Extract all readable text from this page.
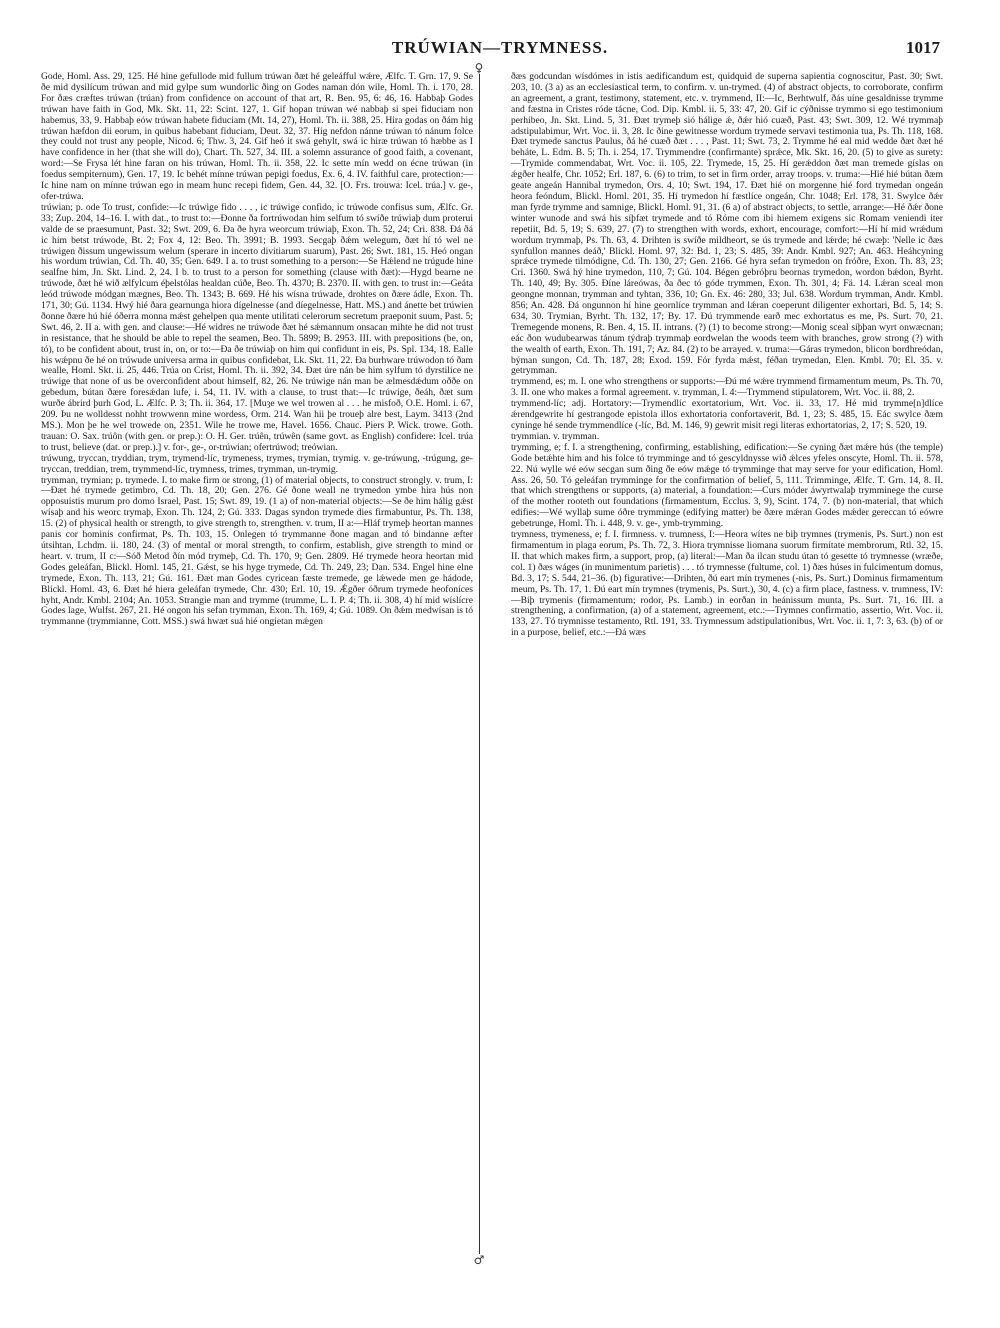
TRÚWIAN—TRYMNESS.	1017
♀
♂

Gode, Homl. Ass. 29, 125. Hé hine gefullode mid fullum trúwan ðæt hé geleáfful wǽre, Ælfc. T. Grn. 17, 9. Se ðe mid dysilícum trúwan and mid gylpe sum wundorlic ðing on Godes naman dón wile, Homl. Th. i. 170, 28. For ðæs cræftes trúwan (trúan) from confidence on account of that art, R. Ben. 95, 6: 46, 16. Habbaþ Godes trúwan have faith in God, Mk. Skt. 11, 22: Scint. 127, 1. Gif hopan trúwan wé nabbaþ si spei fiduciam non habemus, 33, 9. Habbaþ eów trúwan habete fiduciam (Mt. 14, 27), Homl. Th. ii. 388, 25. Hira godas on ðám hig trúwan hæfdon dii eorum, in quibus habebant fiduciam, Deut. 32, 37. Hig nefdon nánne trúwan tó nánum folce they could not trust any people, Nicod. 6; Thw. 3, 24. Gif heó it swá gehylt, swá ic hiræ trúwan tó hæbbe as I have confidence in her (that she will do), Chart. Th. 527, 34. III. a solemn assurance of good faith, a covenant, word:—Se Frysa lét hine faran on his trúwan, Homl. Th. ii. 358, 22. Ic sette mín wedd on écne trúwan (in foedus sempiternum), Gen. 17, 19. Ic behét mínne trúwan pepigi foedus, Ex. 6, 4. IV. faithful care, protection:—Ic hine nam on mínne trúwan ego in meam hunc recepi fidem, Gen. 44, 32. [O. Frs. trouwa: Icel. trúa.] v. ge-, ofer-trúwa.

trúwian; p. ode To trust, confide:—Ic trúwige fido . . . , ic trúwige confido, ic trúwode confisus sum, Ælfc. Gr. 33; Zup. 204, 14–16. I. with dat., to trust to:—Ðonne ða fortrúwodan him selfum tó swíðe trúwiaþ dum proterui valde de se praesumunt, Past. 32; Swt. 209, 6. Ða ðe hyra weorcum trúwiaþ, Exon. Th. 52, 24; Cri. 838. Ðá ðá ic him betst trúwode, Bt. 2; Fox 4, 12: Beo. Th. 3991; B. 1993. Secgaþ ðǽm welegum, ðæt hí tó wel ne trúwigen ðissum ungewissum welum (sperare in incerto divitiarum suarum), Past. 26; Swt. 181, 15. Heó ongan his wordum trúwian, Cd. Th. 40, 35; Gen. 649. I a. to trust something to a person:—Se Hǽlend ne trúgude hine sealfne him, Jn. Skt. Lind. 2, 24. I b. to trust to a person for something (clause with ðæt):—Hygd bearne ne trúwode, ðæt hé wið ælfylcum éþelstólas healdan cúðe, Beo. Th. 4370; B. 2370. II. with gen. to trust in:—Geáta leód trúwode módgan mægnes, Beo. Th. 1343; B. 669. Hé his wísna trúwade, drohtes on ðære ádle, Exon. Th. 171, 30; Gú. 1134. Hwý hié ðara gearnunga hiora dígelnesse (and díegelnesse, Hatt. MS.) and ánette bet trúwien ðonne ðære hú hié óðerra monna mǽst gehelpen qua mente utilitati celerorum secretum praeponit suum, Past. 5; Swt. 46, 2. II a. with gen. and clause:—Hé widres ne trúwode ðæt hé sǽmannum onsacan mihte he did not trust in resistance, that he should be able to repel the seamen, Beo. Th. 5899; B. 2953. III. with prepositions (be, on, tó), to be confident about, trust in, on, or to:—Ða ðe trúwiaþ on him qui confidunt in eis, Ps. Spl. 134, 18. Ealle his wǽpnu ðe hé on trúwude universa arma in quibus confidebat, Lk. Skt. 11, 22. Ða burhware trúwodon tó ðam wealle, Homl. Skt. ii. 25, 446. Trúa on Crist, Homl. Th. ii. 392, 34. Ðæt úre nán be him sylfum tó dyrstilíce ne trúwige that none of us be overconfident about himself, 82, 26. Ne trúwige nán man be ælmesdǽdum oððe on gebedum, bútan ðære foresǽdan lufe, i. 54, 11. IV. with a clause, to trust that:—Ic trúwige, ðeáh, ðæt sum wurðe ábrird þurh God, L. Ælfc. P. 3; Th. ii. 364, 17. [Muȝe we wel trowen al . . . he misfoð, O.E. Homl. i. 67, 209. Þu ne wolldesst nohht trowwenn mine wordess, Orm. 214. Wan hii þe trouеþ alre best, Laym. 3413 (2nd MS.). Mon þe he wel trowede on, 2351. Wile he trowe me, Havel. 1656. Chauc. Piers P. Wick. trowe. Goth. trauan: O. Sax. trúôn (with gen. or prep.): O. H. Ger. trúên, trúwên (same govt. as English) confidere: Icel. trúa to trust, believe (dat. or prep.).] v. for-, ge-, or-trúwian; ofertrúwod; treówian.

trúwung, tryccan, tryddian, trym, trymend-líc, trymeness, trymes, trymian, trymig. v. ge-trúwung, -trúgung, ge-tryccan, treddian, trem, trymmend-líc, trymness, trimes, trymman, un-trymig.

trymman, trymian; p. trymede. I. to make firm or strong, (1) of material objects, to construct strongly. v. trum, I:—Ðæt hé trymede getimbro, Cd. Th. 18, 20; Gen. 276. Gé ðone weall ne trymedon ymbe hira hús non opposuistis murum pro domo Israel, Past. 15; Swt. 89, 19. (1 a) of non-material objects:—Se ðe him hálig gǽst wísaþ and his weorc trymaþ, Exon. Th. 124, 2; Gú. 333. Dagas syndon trymede dies firmabuntur, Ps. Th. 138, 15. (2) of physical health or strength, to give strength to, strengthen. v. trum, II a:—Hláf trymeþ heortan mannes panis cor hominis confirmat, Ps. Th. 103, 15. Onlegen tó trymmanne ðone magan and tó bindanne æfter útsihtan, Lchdm. ii. 180, 24. (3) of mental or moral strength, to confirm, establish, give strength to mind or heart. v. trum, II c:—Sóð Metod ðín mód trymeþ, Cd. Th. 170, 9; Gen. 2809. Hé trymede heora heortan mid Godes geleáfan, Blickl. Homl. 145, 21. Gǽst, se his hyge trymede, Cd. Th. 249, 23; Dan. 534. Engel hine elne trymede, Exon. Th. 113, 21; Gú. 161. Ðæt man Godes cyricean fæste tremede, ge lǽwede men ge hádode, Blickl. Homl. 43, 6. Ðæt hé hiera geleáfan trymede, Chr. 430; Erl. 10, 19. Ǽgðer óðrum trymede heofoníces hyht, Andr. Kmbl. 2104; An. 1053. Strangie man and trymme (trumme, L. I. P. 4; Th. ii. 308, 4) hí mid wíslícre Godes lage, Wulfst. 267, 21. Hé ongon his sefan trymman, Exon. Th. 169, 4; Gú. 1089. On ðǽm medwísan is tó trymmanne (trymmianne, Cott. MSS.) swá hwæt suá hié ongietan mǽgen

ðæs godcundan wísdómes in istis aedificandum est, quidquid de superna sapientia cognoscitur, Past. 30; Swt. 203, 10. (3 a) as an ecclesiastical term, to confirm. v. un-trymed. (4) of abstract objects, to corroborate, confirm an agreement, a grant, testimony, statement, etc. v. trymmend, II:—Ic, Berhtwulf, ðás uíne gesaldnisse trymme and fæstna in Cristes róde tácne, Cod. Dip. Kmbl. ii. 5, 33: 47, 20. Gif ic cýðnisse trymmo si ego testimonium perhibeo, Jn. Skt. Lind. 5, 31. Ðæt trymeþ sió hálige ǽ, ðǽr hió cuæð, Past. 43; Swt. 309, 12. Wé trymmaþ adstipulabimur, Wrt. Voc. ii. 3, 28. Ic ðine gewitnesse wordum trymede servavi testimonia tua, Ps. Th. 118, 168. Ðæt trymede sanctus Paulus, ðá hé cuæð ðæt . . . , Past. 11; Swt. 73, 2. Trymme hé eal mid wedde ðæt ðæt hé beháte, L. Edm. B. 5; Th. i. 254, 17. Trymmendre (confirmante) sprǽce, Mk. Skt. 16, 20. (5) to give as surety:—Trymide commendabat, Wrt. Voc. ii. 105, 22. Trymede, 15, 25. Hí gerǽddon ðæt man tremede gíslas on ǽgðer healfe, Chr. 1052; Erl. 187, 6. (6) to trim, to set in firm order, array troops. v. truma:—Hié hié bútan ðæm geate angeán Hannibal trymedon, Ors. 4, 10; Swt. 194, 17. Ðæt hié on morgenne hié ford trymedan ongeán heora feóndum, Blickl. Homl. 201, 35. Hí trymedon hí fæstlíce ongeán, Chr. 1048; Erl. 178, 31. Swylce ðǽr man fyrde trymme and samnige, Blickl. Homl. 91, 31. (6 a) of abstract objects, to settle, arrange:—Hé ðǽr ðone winter wunode and swá his síþfæt trymede and tó Róme com ibi hiemem exigens sic Romam veniendi iter repetiit, Bd. 5, 19; S. 639, 27. (7) to strengthen with words, exhort, encourage, comfort:—Hí hí mid wrǽdum wordum trymmaþ, Ps. Th. 63, 4. Drihten is swíðe mildheort, se ús trymede and lǽrde; hé cwæþ: 'Nelle ic ðæs synfullon mannes deáð,' Blickl. Homl. 97, 32: Bd. 1, 23; S. 485, 39: Andr. Kmbl. 927; An. 463. Heáhcyning sprǽce trymede tilmódigne, Cd. Th. 130, 27; Gen. 2166. Gé hyra sefan trymedon on fróðre, Exon. Th. 83, 23; Cri. 1360. Swá hý hine trymedon, 110, 7; Gú. 104. Bégen gebróþru beornas trymedon, wordon bǽdon, Byrht. Th. 140, 49; By. 305. Ðíne láreówas, ða ðec tó góde trymmen, Exon. Th. 301, 4; Fä. 14. Lǽran sceal mon geongne monnan, trymman and tyhtan, 336, 10; Gn. Ex. 46: 280, 33; Jul. 638. Wordum trymman, Andr. Kmbl. 856; An. 428. Ðá ongunnon hí hine geornlíce trymman and lǽran coeperunt diligenter exhortari, Bd. 5, 14; S. 634, 30. Trymian, Byrht. Th. 132, 17; By. 17. Ðú trymmende earð mec exhortatus es me, Ps. Surt. 70, 21. Tremegende monens, R. Ben. 4, 15. II. intrans. (?) (1) to become strong:—Monig sceal síþþan wyrt onwæcnan; eác ðon wudubearwas tánum týdraþ trymmaþ eordwelan the woods teem with branches, grow strong (?) with the wealth of earth, Exon. Th. 191, 7; Az. 84. (2) to be arrayed. v. truma:—Gáras trymedon, blicon bordhreódan, býman sungon, Cd. Th. 187, 28; Exod. 159. Fór fyrda mǽst, féðan trymedan, Elen. Kmbl. 70; El. 35. v. getrymman.

trymmend, es; m. I. one who strengthens or supports:—Ðú mé wǽre trymmend firmamentum meum, Ps. Th. 70, 3. II. one who makes a formal agreement. v. trymman, I. 4:—Trymmend stipulatorem, Wrt. Voc. ii. 88, 2.

trymmend-líc; adj. Hortatory:—Trymendlíc exortatorium, Wrt. Voc. ii. 33, 17. Hé mid trymme[n]dlíce ǽrendgewrite hí gestrangode epistola illos exhortatoria confortaverit, Bd. 1, 23; S. 485, 15. Eác swylce ðæm cyninge hé sende trymmendlíce (-líc, Bd. M. 146, 9) gewrit misit regi literas exhortatorias, 2, 17; S. 520, 19.

trymmian. v. trymman.

trymming, e; f. I. a strengthening, confirming, establishing, edification:—Se cyning ðæt mǽre hús (the temple) Gode betǽhte him and his folce tó trymminge and tó gescyldnysse wið ǽlces yfeles onscyte, Homl. Th. ii. 578, 22. Nú wylle wé eów secgan sum ðing ðe eów mǽge tó trymminge that may serve for your edification, Homl. Ass. 26, 50. Tó geleáfan trymminge for the confirmation of belief, 5, 111. Trimminge, Ælfc. T. Grn. 14, 8. II. that which strengthens or supports, (a) material, a foundation:—Curs móder áwyrtwalaþ trymminege the curse of the mother rooteth out foundations (firmamentum, Ecclus. 3, 9), Scint. 174, 7. (b) non-material, that which edifies:—Wé wyllaþ sume óðre trymminge (edifying matter) be ðære mǽran Godes mǽder gereccan tó eówre gebetrunge, Homl. Th. i. 448, 9. v. ge-, ymb-trymming.

trymness, trymeness, e; f. I. firmness. v. trumness, I:—Heora wítes ne biþ trymnes (trymenis, Ps. Surt.) non est firmamentum in plaga eorum, Ps. Th. 72, 3. Hiora trymnisse liomana suorum firmitate membrorum, Rtl. 32, 15. II. that which makes firm, a support, prop, (a) literal:—Man ða ilcan studu útan tó gesette tó trymnesse (wræðe, col. 1) ðæs wáges (in munimentum parietis) . . . tó trymnesse (fultume, col. 1) ðæs húses in fulcimentum domus, Bd. 3, 17; S. 544, 21–36. (b) figurative:—Drihten, ðú eart mín trymenes (-nis, Ps. Surt.) Dominus firmamentum meum, Ps. Th. 17, 1. Ðú eart mín trymnes (trymenis, Ps. Surt.), 30, 4. (c) a firm place, fastness. v. trumness, IV:—Biþ trymenis (firmamentum; rodor, Ps. Lamb.) in eorðan in heánissum munta, Ps. Surt. 71, 16. III. a strengthening, a confirmation, (a) of a statement, agreement, etc.:—Trymnes confirmatio, assertio, Wrt. Voc. ii. 133, 27. Tó trymnisse testamento, Rtl. 191, 33. Trymnessum adstipulationibus, Wrt. Voc. ii. 1, 7: 3, 63. (b) of or in a purpose, belief, etc.:—Ðá wæs
